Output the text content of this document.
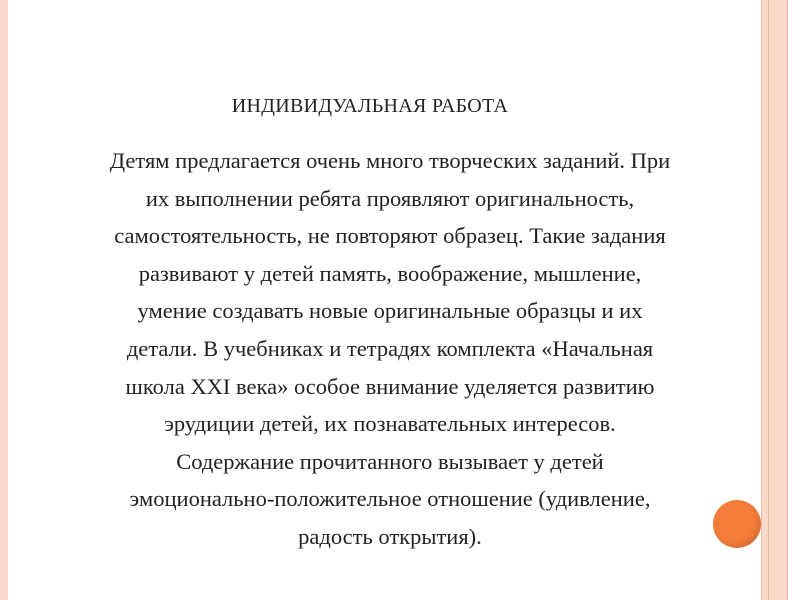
ИНДИВИДУАЛЬНАЯ РАБОТА
Детям предлагается очень много творческих заданий. При
их выполнении ребята проявляют оригинальность,
самостоятельность, не повторяют образец. Такие задания
развивают у детей память, воображение, мышление,
умение создавать новые оригинальные образцы и их
детали. В учебниках и тетрадях комплекта «Начальная
школа XXI века» особое внимание уделяется развитию
эрудиции детей, их познавательных интересов.
Содержание прочитанного вызывает у детей
эмоционально-положительное отношение (удивление,
радость открытия).
